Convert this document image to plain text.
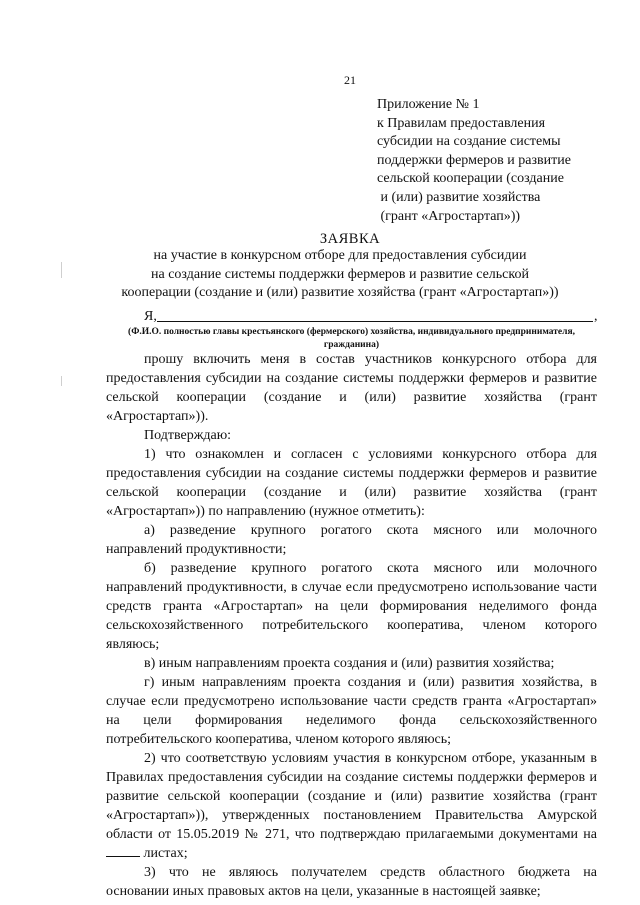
21
Приложение № 1
к Правилам предоставления
субсидии на создание системы
поддержки фермеров и развитие
сельской кооперации (создание
и (или) развитие хозяйства
(грант «Агростартап»))
ЗАЯВКА
на участие в конкурсном отборе для предоставления субсидии
на создание системы поддержки фермеров и развитие сельской
кооперации (создание и (или) развитие хозяйства (грант «Агростартап»))
Я,	,
(Ф.И.О. полностью главы крестьянского (фермерского) хозяйства, индивидуального предпринимателя,
гражданина)
прошу включить меня в состав участников конкурсного отбора для
предоставления субсидии на создание системы поддержки фермеров и развитие
сельской кооперации (создание и (или) развитие хозяйства (грант
«Агростартап»)).
Подтверждаю:
1) что ознакомлен и согласен с условиями конкурсного отбора для
предоставления субсидии на создание системы поддержки фермеров и развитие
сельской кооперации (создание и (или) развитие хозяйства (грант
«Агростартап»)) по направлению (нужное отметить):
а) разведение крупного рогатого скота мясного или молочного
направлений продуктивности;
б) разведение крупного рогатого скота мясного или молочного
направлений продуктивности, в случае если предусмотрено использование части
средств гранта «Агростартап» на цели формирования неделимого фонда
сельскохозяйственного потребительского кооператива, членом которого
являюсь;
в) иным направлениям проекта создания и (или) развития хозяйства;
г) иным направлениям проекта создания и (или) развития хозяйства, в
случае если предусмотрено использование части средств гранта «Агростартап»
на цели формирования неделимого фонда сельскохозяйственного
потребительского кооператива, членом которого являюсь;
2) что соответствую условиям участия в конкурсном отборе, указанным в
Правилах предоставления субсидии на создание системы поддержки фермеров и
развитие сельской кооперации (создание и (или) развитие хозяйства (грант
«Агростартап»)), утвержденных постановлением Правительства Амурской
области от 15.05.2019 № 271, что подтверждаю прилагаемыми документами на
листах;
3) что не являюсь получателем средств областного бюджета на
основании иных правовых актов на цели, указанные в настоящей заявке;
